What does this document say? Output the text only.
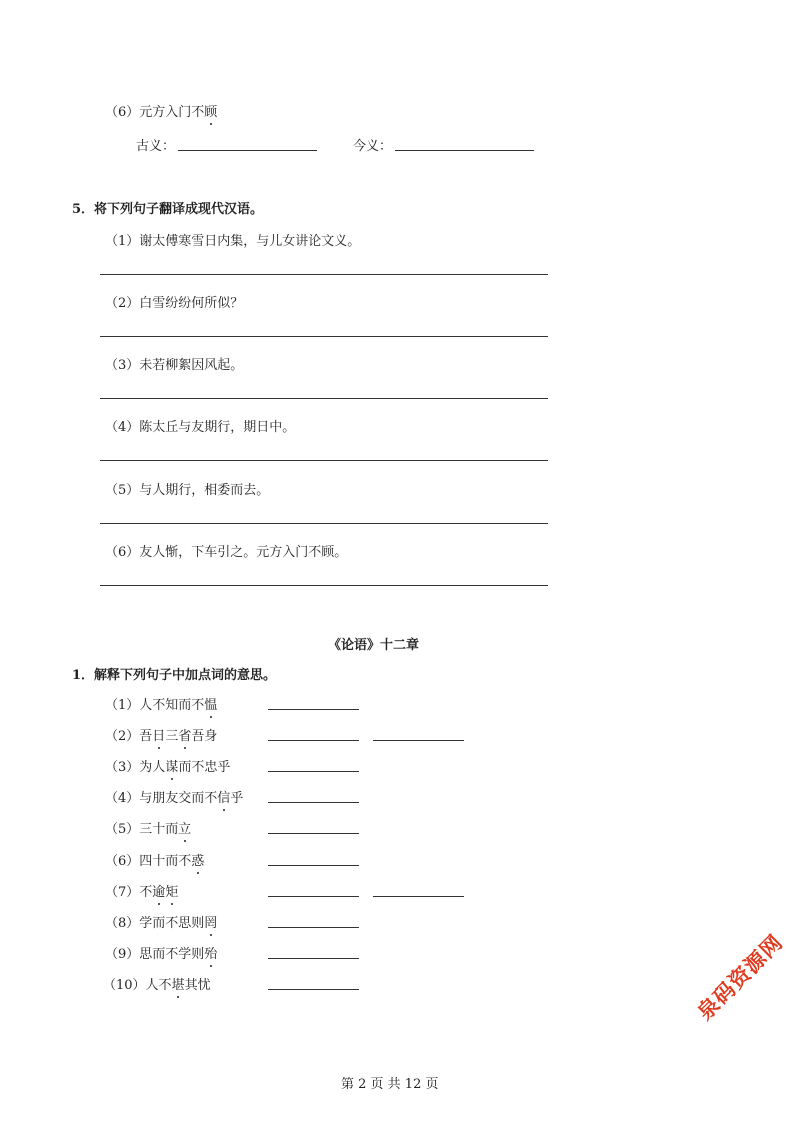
（6）元方入门不顾
古义：	今义：
5．将下列句子翻译成现代汉语。
（1）谢太傅寒雪日内集，与儿女讲论文义。
（2）白雪纷纷何所似？
（3）未若柳絮因风起。
（4）陈太丘与友期行，期日中。
（5）与人期行，相委而去。
（6）友人惭，下车引之。元方入门不顾。
《论语》十二章
1．解释下列句子中加点词的意思。
（1）人不知而不愠
（2）吾日三省吾身
（3）为人谋而不忠乎
（4）与朋友交而不信乎
（5）三十而立
（6）四十而不惑
（7）不逾矩
（8）学而不思则罔
（9）思而不学则殆
（10）人不堪其忧
第 2 页 共 12 页
泉码资源网
